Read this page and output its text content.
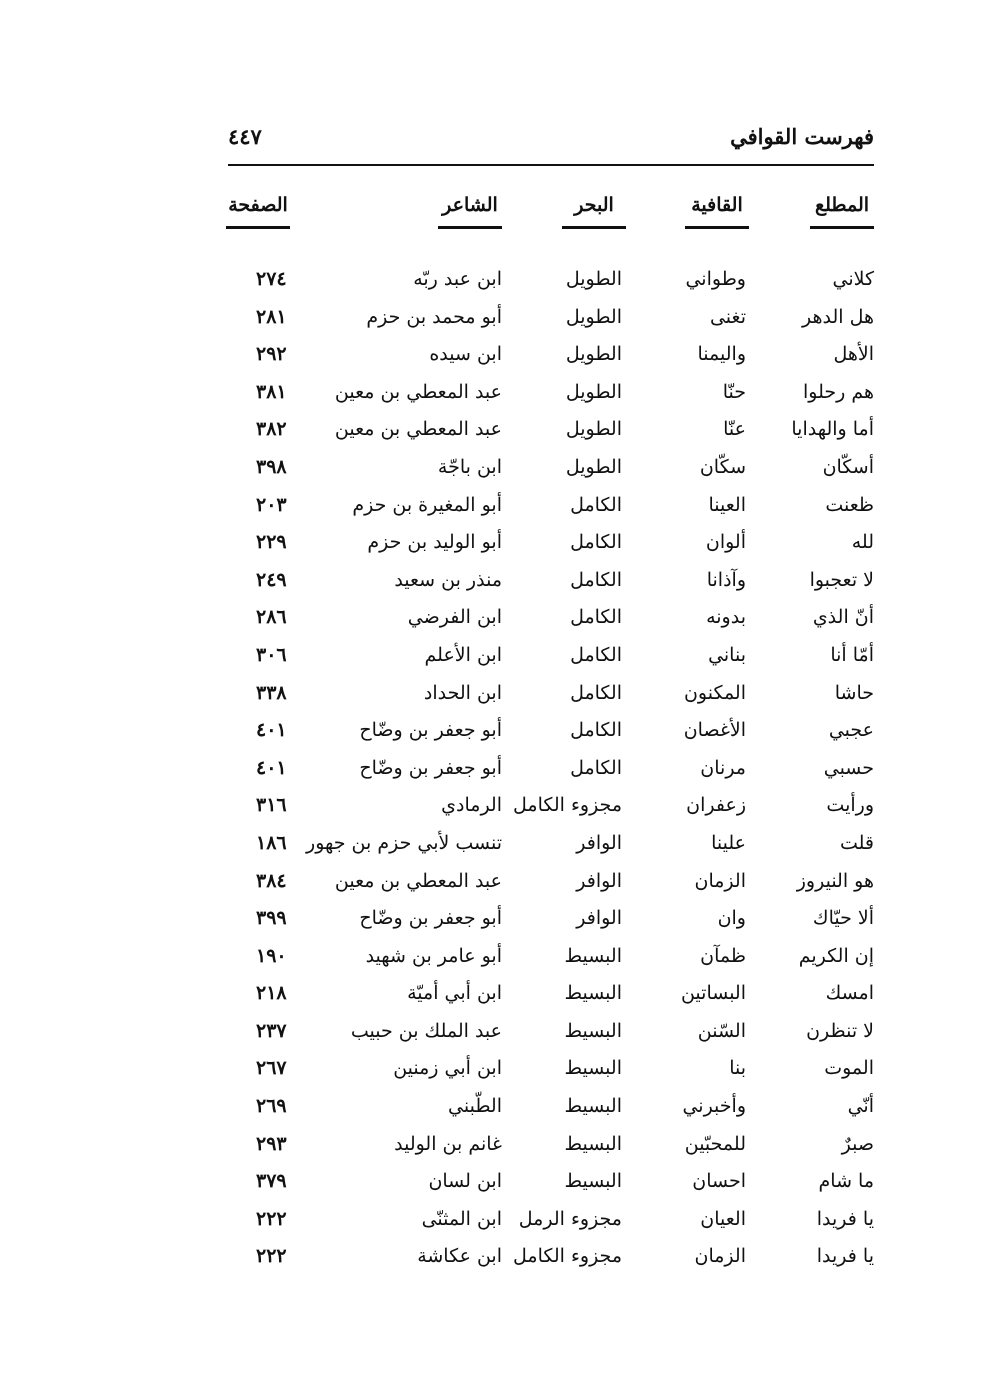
فهرست القوافي
٤٤٧
المطلع
القافية
البحر
الشاعر
الصفحة
كلاني
وطواني
الطويل
ابن عبد ربّه
٢٧٤
هل الدهر
تغنى
الطويل
أبو محمد بن حزم
٢٨١
الأهل
واليمنا
الطويل
ابن سيده
٢٩٢
هم رحلوا
حنّا
الطويل
عبد المعطي بن معين
٣٨١
أما والهدايا
عنّا
الطويل
عبد المعطي بن معين
٣٨٢
أسكّان
سكّان
الطويل
ابن باجّة
٣٩٨
ظعنت
العينا
الكامل
أبو المغيرة بن حزم
٢٠٣
لله
ألوان
الكامل
أبو الوليد بن حزم
٢٢٩
لا تعجبوا
وآذانا
الكامل
منذر بن سعيد
٢٤٩
أنّ الذي
بدونه
الكامل
ابن الفرضي
٢٨٦
أمّا أنا
بناني
الكامل
ابن الأعلم
٣٠٦
حاشا
المكنون
الكامل
ابن الحداد
٣٣٨
عجبي
الأغصان
الكامل
أبو جعفر بن وضّاح
٤٠١
حسبي
مرنان
الكامل
أبو جعفر بن وضّاح
٤٠١
ورأيت
زعفران
مجزوء الكامل
الرمادي
٣١٦
قلت
علينا
الوافر
تنسب لأبي حزم بن جهور
١٨٦
هو النيروز
الزمان
الوافر
عبد المعطي بن معين
٣٨٤
ألا حيّاك
وان
الوافر
أبو جعفر بن وضّاح
٣٩٩
إن الكريم
ظمآن
البسيط
أبو عامر بن شهيد
١٩٠
امسك
البساتين
البسيط
ابن أبي أميّة
٢١٨
لا تنظرن
السّنن
البسيط
عبد الملك بن حبيب
٢٣٧
الموت
بنا
البسيط
ابن أبي زمنين
٢٦٧
أنّي
وأخبرني
البسيط
الطّبني
٢٦٩
صبرٌ
للمحبّين
البسيط
غانم بن الوليد
٢٩٣
ما شام
احسان
البسيط
ابن لسان
٣٧٩
يا فريدا
العيان
مجزوء الرمل
ابن المثنّى
٢٢٢
يا فريدا
الزمان
مجزوء الكامل
ابن عكاشة
٢٢٢
